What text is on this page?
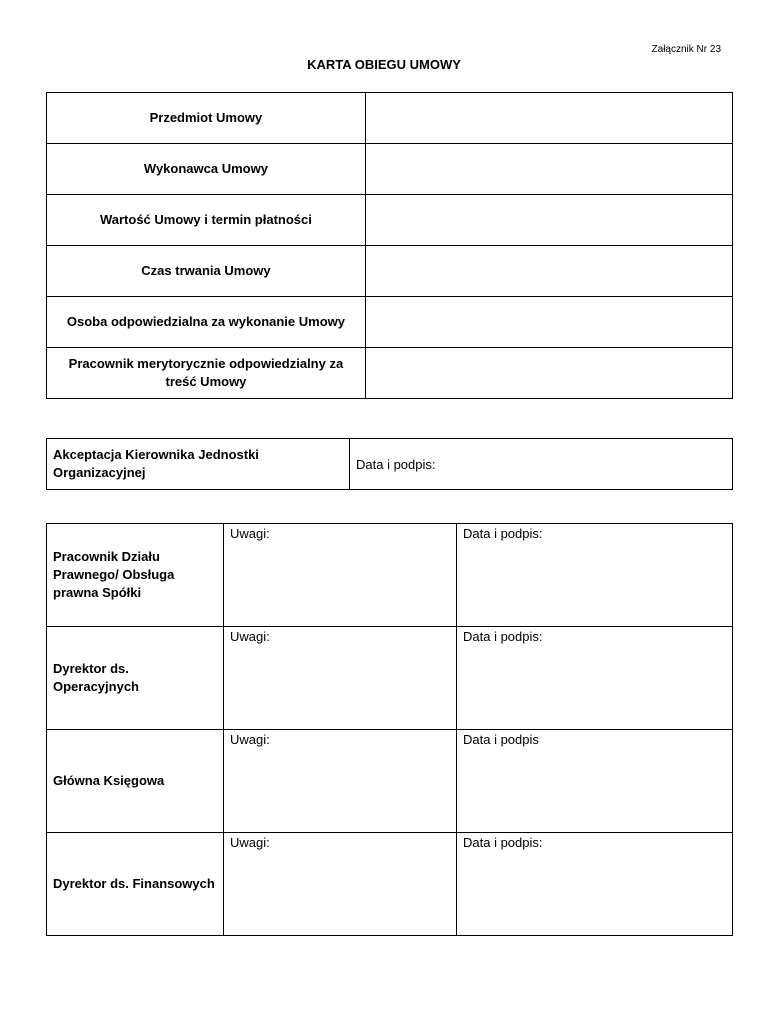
Załącznik Nr 23
KARTA OBIEGU UMOWY
Przedmiot Umowy	
Wykonawca Umowy	
Wartość Umowy i termin płatności	
Czas trwania Umowy	
Osoba odpowiedzialna za wykonanie Umowy	
Pracownik merytorycznie odpowiedzialny za treść Umowy	
Akceptacja Kierownika Jednostki Organizacyjnej	Data i podpis:
Pracownik Działu Prawnego/ Obsługa prawna Spółki	Uwagi:	Data i podpis:
Dyrektor ds. Operacyjnych	Uwagi:	Data i podpis:
Główna Księgowa	Uwagi:	Data i podpis
Dyrektor ds. Finansowych	Uwagi:	Data i podpis:
